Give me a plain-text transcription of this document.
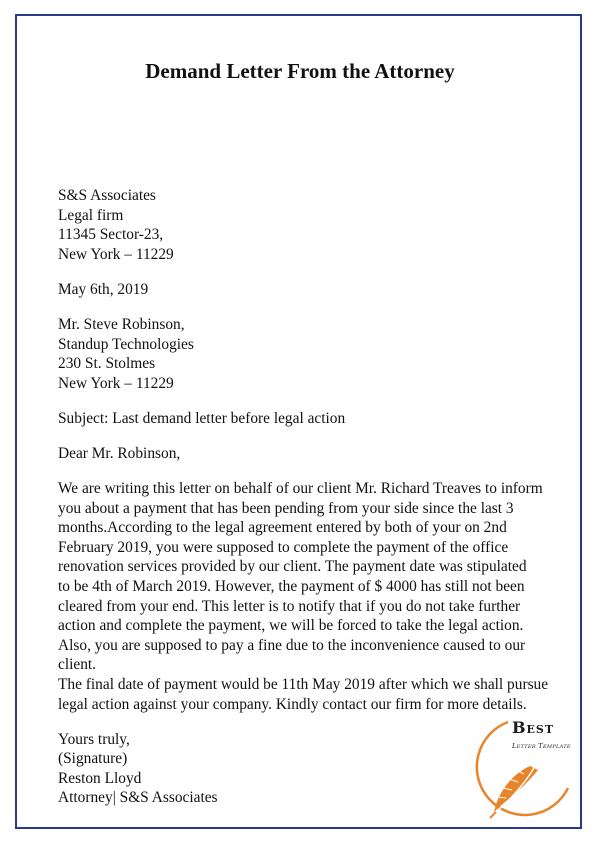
Demand Letter From the Attorney
S&S Associates
Legal firm
11345 Sector-23,
New York – 11229
May 6th, 2019
Mr. Steve Robinson,
Standup Technologies
230 St. Stolmes
New York – 11229
Subject: Last demand letter before legal action
Dear Mr. Robinson,
We are writing this letter on behalf of our client Mr. Richard Treaves to inform
you about a payment that has been pending from your side since the last 3
months.According to the legal agreement entered by both of your on 2nd
February 2019, you were supposed to complete the payment of the office
renovation services provided by our client. The payment date was stipulated
to be 4th of March 2019. However, the payment of $ 4000 has still not been
cleared from your end. This letter is to notify that if you do not take further
action and complete the payment, we will be forced to take the legal action.
Also, you are supposed to pay a fine due to the inconvenience caused to our
client.
The final date of payment would be 11th May 2019 after which we shall pursue
legal action against your company. Kindly contact our firm for more details.
Yours truly,
(Signature)
Reston Lloyd
Attorney| S&S Associates
Best
Letter Template
